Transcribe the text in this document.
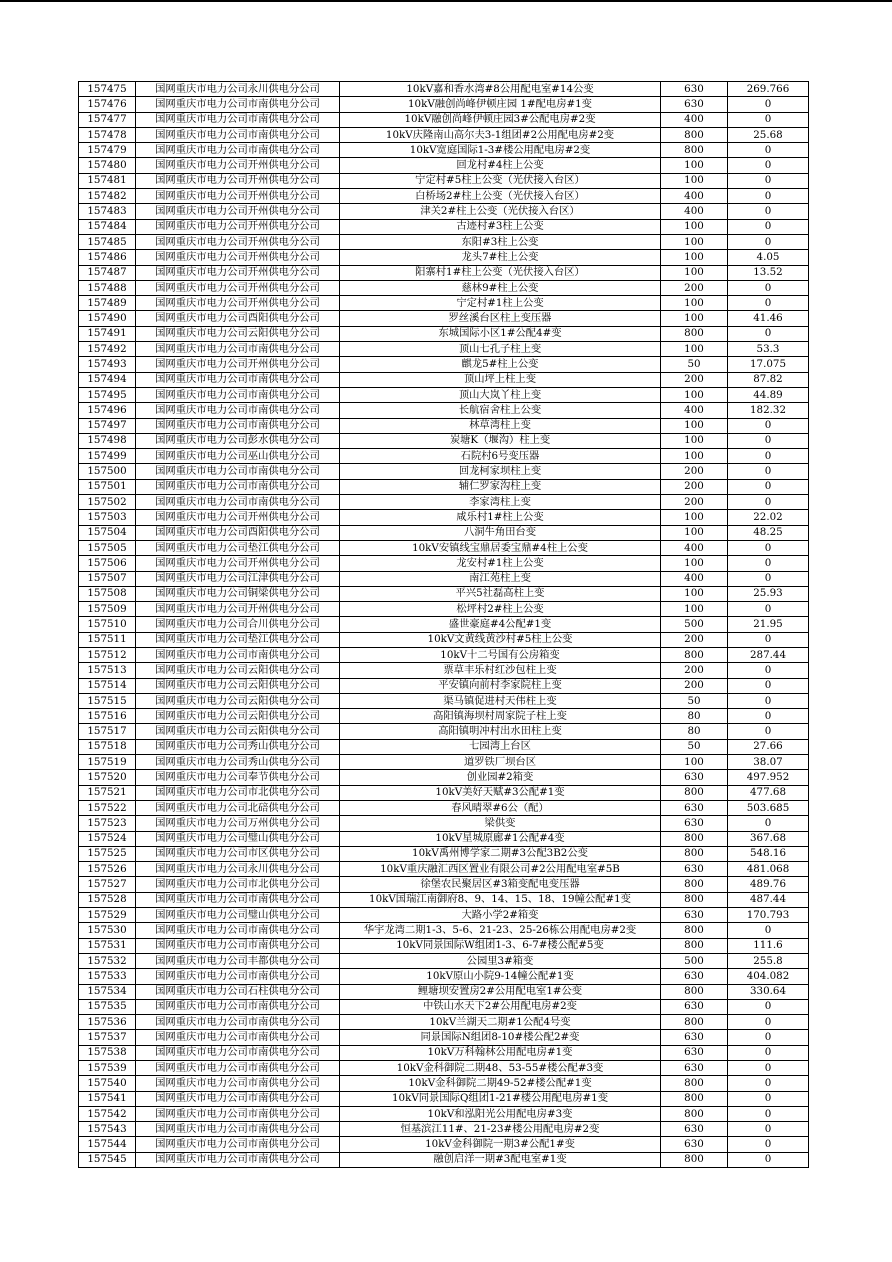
157475	国网重庆市电力公司永川供电分公司	10kV嘉和香水湾#8公用配电室#14公变	630	269.766
157476	国网重庆市电力公司市南供电分公司	10kV融创尚峰伊顿庄园 1#配电房#1变	630	0
157477	国网重庆市电力公司市南供电分公司	10kV融创尚峰伊顿庄园3#公配电房#2变	400	0
157478	国网重庆市电力公司市南供电分公司	10kV庆隆南山高尔夫3-1组团#2公用配电房#2变	800	25.68
157479	国网重庆市电力公司市南供电分公司	10kV宽庭国际1-3#楼公用配电房#2变	800	0
157480	国网重庆市电力公司开州供电分公司	回龙村#4柱上公变	100	0
157481	国网重庆市电力公司开州供电分公司	宁定村#5柱上公变（光伏接入台区）	100	0
157482	国网重庆市电力公司开州供电分公司	白桥场2#柱上公变（光伏接入台区）	400	0
157483	国网重庆市电力公司开州供电分公司	津关2#柱上公变（光伏接入台区）	400	0
157484	国网重庆市电力公司开州供电分公司	古迹村#3柱上公变	100	0
157485	国网重庆市电力公司开州供电分公司	东阳#3柱上公变	100	0
157486	国网重庆市电力公司开州供电分公司	龙头7#柱上公变	100	4.05
157487	国网重庆市电力公司开州供电分公司	阳寨村1#柱上公变（光伏接入台区）	100	13.52
157488	国网重庆市电力公司开州供电分公司	慈林9#柱上公变	200	0
157489	国网重庆市电力公司开州供电分公司	宁定村#1柱上公变	100	0
157490	国网重庆市电力公司酉阳供电分公司	罗丝溪台区柱上变压器	100	41.46
157491	国网重庆市电力公司云阳供电分公司	东城国际小区1#公配4#变	800	0
157492	国网重庆市电力公司市南供电分公司	顶山七孔子柱上变	100	53.3
157493	国网重庆市电力公司开州供电分公司	麒龙5#柱上公变	50	17.075
157494	国网重庆市电力公司市南供电分公司	顶山坪上柱上变	200	87.82
157495	国网重庆市电力公司市南供电分公司	顶山大岚丫柱上变	100	44.89
157496	国网重庆市电力公司市南供电分公司	长航宿舍柱上公变	400	182.32
157497	国网重庆市电力公司市南供电分公司	林草湾柱上变	100	0
157498	国网重庆市电力公司彭水供电分公司	炭塘K（堰沟）柱上变	100	0
157499	国网重庆市电力公司巫山供电分公司	石院村6号变压器	100	0
157500	国网重庆市电力公司市南供电分公司	回龙柯家坝柱上变	200	0
157501	国网重庆市电力公司市南供电分公司	辅仁罗家沟柱上变	200	0
157502	国网重庆市电力公司市南供电分公司	李家湾柱上变	200	0
157503	国网重庆市电力公司开州供电分公司	咸乐村1#柱上公变	100	22.02
157504	国网重庆市电力公司酉阳供电分公司	八洞牛角田台变	100	48.25
157505	国网重庆市电力公司垫江供电分公司	10kV安镇线宝鼎居委宝鼎#4柱上公变	400	0
157506	国网重庆市电力公司开州供电分公司	龙安村#1柱上公变	100	0
157507	国网重庆市电力公司江津供电分公司	南江苑柱上变	400	0
157508	国网重庆市电力公司铜梁供电分公司	平兴5社磊高柱上变	100	25.93
157509	国网重庆市电力公司开州供电分公司	松坪村2#柱上公变	100	0
157510	国网重庆市电力公司合川供电分公司	盛世豪庭#4公配#1变	500	21.95
157511	国网重庆市电力公司垫江供电分公司	10kV文黄线黄沙村#5柱上公变	200	0
157512	国网重庆市电力公司市南供电分公司	10kV十二号国有公房箱变	800	287.44
157513	国网重庆市电力公司云阳供电分公司	票草丰乐村红沙包柱上变	200	0
157514	国网重庆市电力公司云阳供电分公司	平安镇向前村李家院柱上变	200	0
157515	国网重庆市电力公司云阳供电分公司	渠马镇促进村天伟柱上变	50	0
157516	国网重庆市电力公司云阳供电分公司	高阳镇海坝村周家院子柱上变	80	0
157517	国网重庆市电力公司云阳供电分公司	高阳镇明冲村出水田柱上变	80	0
157518	国网重庆市电力公司秀山供电分公司	七园湾上台区	50	27.66
157519	国网重庆市电力公司秀山供电分公司	道罗铁厂坝台区	100	38.07
157520	国网重庆市电力公司奉节供电分公司	创业园#2箱变	630	497.952
157521	国网重庆市电力公司市北供电分公司	10kV美好天赋#3公配#1变	800	477.68
157522	国网重庆市电力公司北碚供电分公司	春风晴翠#6公（配）	630	503.685
157523	国网重庆市电力公司万州供电分公司	梁供变	630	0
157524	国网重庆市电力公司璧山供电分公司	10kV星城原廊#1公配#4变	800	367.68
157525	国网重庆市电力公司市区供电分公司	10kV禹州博学家二期#3公配3B2公变	800	548.16
157526	国网重庆市电力公司永川供电分公司	10kV重庆融汇西区置业有限公司#2公用配电室#5B	630	481.068
157527	国网重庆市电力公司市北供电分公司	徐堡农民聚居区#3箱变配电变压器	800	489.76
157528	国网重庆市电力公司市南供电分公司	10kV国瑞江南御府8、9、14、15、18、19幢公配#1变	800	487.44
157529	国网重庆市电力公司璧山供电分公司	大路小学2#箱变	630	170.793
157530	国网重庆市电力公司市南供电分公司	华宇龙湾二期1-3、5-6、21-23、25-26栋公用配电房#2变	800	0
157531	国网重庆市电力公司市南供电分公司	10kV同景国际W组团1-3、6-7#楼公配#5变	800	111.6
157532	国网重庆市电力公司丰都供电分公司	公园里3#箱变	500	255.8
157533	国网重庆市电力公司市南供电分公司	10kV原山小院9-14幢公配#1变	630	404.082
157534	国网重庆市电力公司石柱供电分公司	鲤塘坝安置房2#公用配电室1#公变	800	330.64
157535	国网重庆市电力公司市南供电分公司	中铁山水天下2#公用配电房#2变	630	0
157536	国网重庆市电力公司市南供电分公司	10kV兰湖天二期#1公配4号变	800	0
157537	国网重庆市电力公司市南供电分公司	同景国际N组团8-10#楼公配2#变	630	0
157538	国网重庆市电力公司市南供电分公司	10kV万科翰林公用配电房#1变	630	0
157539	国网重庆市电力公司市南供电分公司	10kV金科御院二期48、53-55#楼公配#3变	630	0
157540	国网重庆市电力公司市南供电分公司	10kV金科御院二期49-52#楼公配#1变	800	0
157541	国网重庆市电力公司市南供电分公司	10kV同景国际Q组团1-21#楼公用配电房#1变	800	0
157542	国网重庆市电力公司市南供电分公司	10kV和泓阳光公用配电房#3变	800	0
157543	国网重庆市电力公司市南供电分公司	恒基滨江11#、21-23#楼公用配电房#2变	630	0
157544	国网重庆市电力公司市南供电分公司	10kV金科御院一期3#公配1#变	630	0
157545	国网重庆市电力公司市南供电分公司	融创启洋一期#3配电室#1变	800	0
